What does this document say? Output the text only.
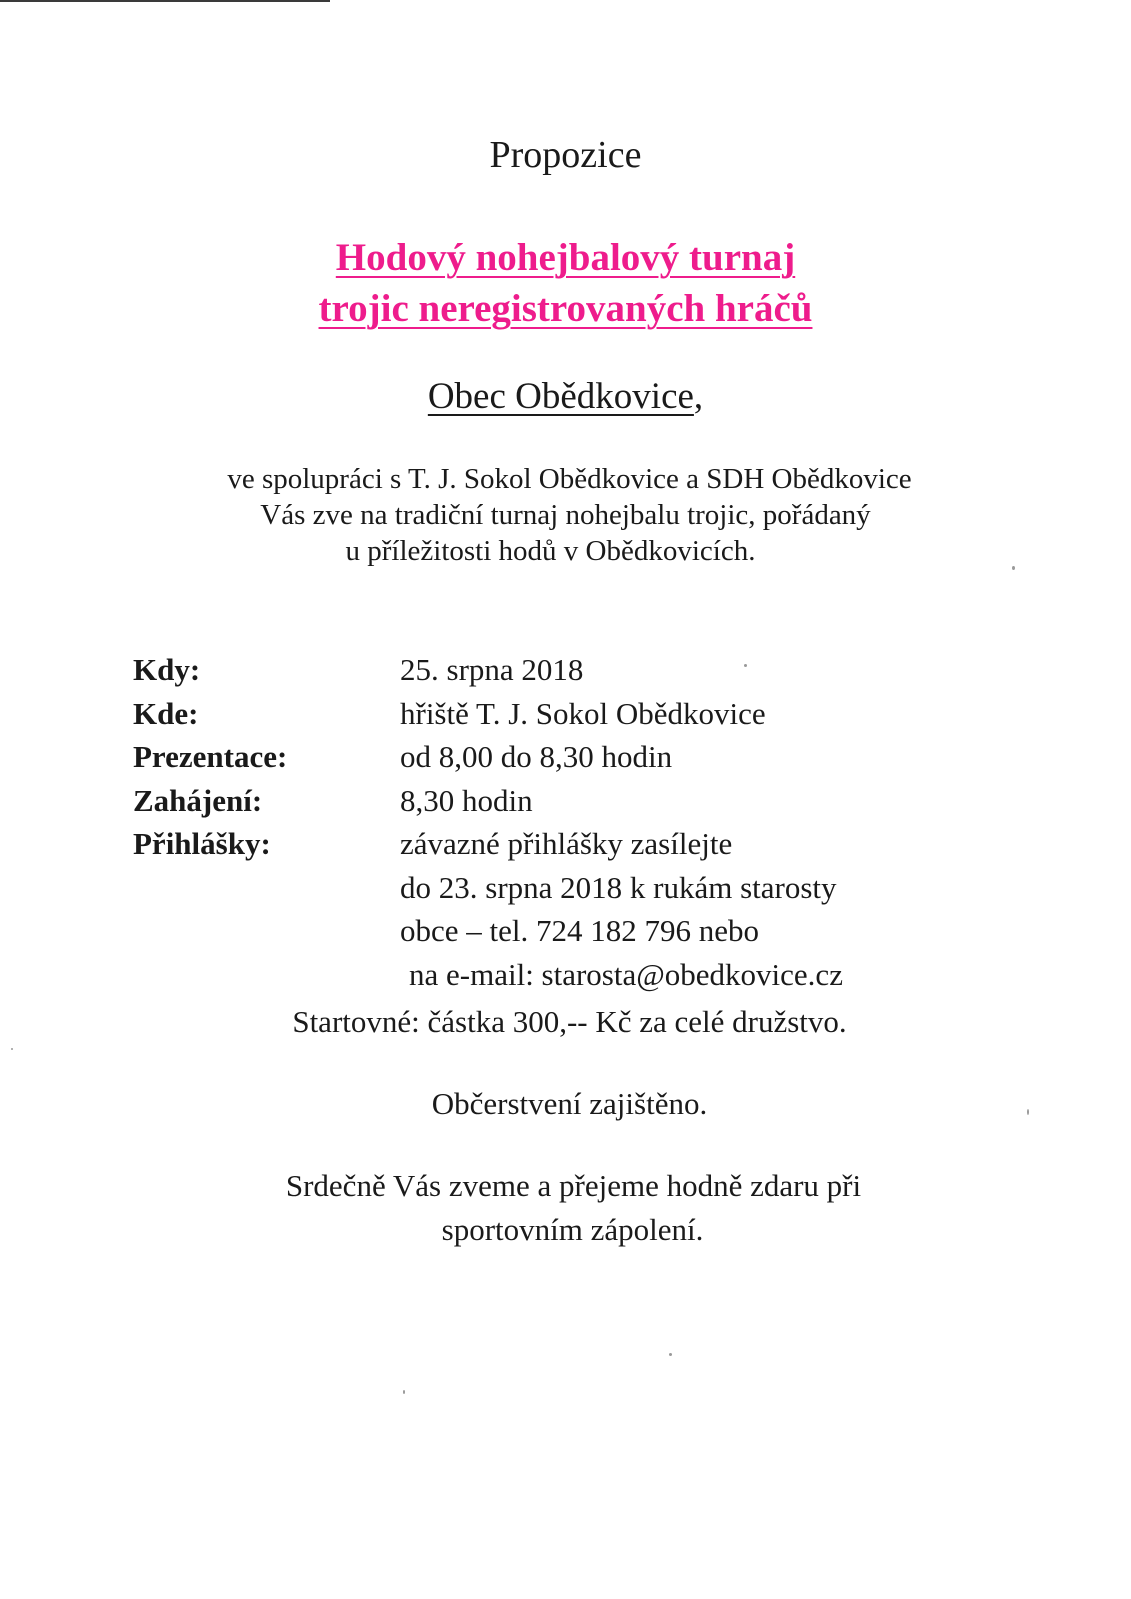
Propozice
Hodový nohejbalový turnaj
trojic neregistrovaných hráčů
Obec Obědkovice,
ve spolupráci s T. J. Sokol Obědkovice a SDH Obědkovice
Vás zve na tradiční turnaj nohejbalu trojic, pořádaný
u příležitosti hodů v Obědkovicích.
Kdy:	25. srpna 2018
Kde:	hřiště T. J. Sokol Obědkovice
Prezentace:	od 8,00 do 8,30 hodin
Zahájení:	8,30 hodin
Přihlášky:	závazné přihlášky zasílejte
do 23. srpna 2018 k rukám starosty
obce – tel. 724 182 796 nebo
na e-mail: starosta@obedkovice.cz
Startovné: částka 300,-- Kč za celé družstvo.
Občerstvení zajištěno.
Srdečně Vás zveme a přejeme hodně zdaru při
sportovním zápolení.
